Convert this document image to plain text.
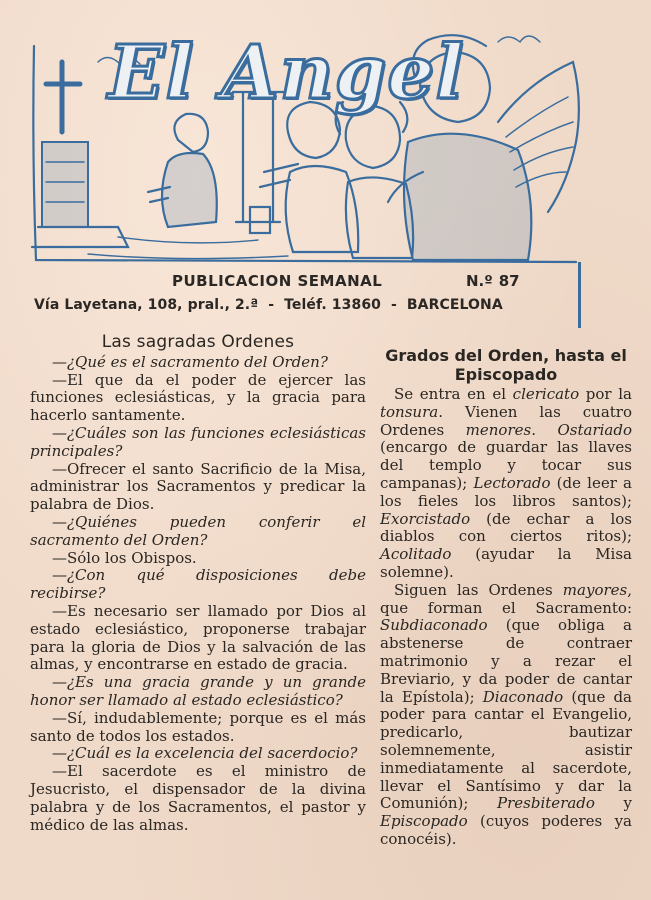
El Angel
PUBLICACION SEMANAL	N.º 87
Vía Layetana, 108, pral., 2.ª - Teléf. 13860 - BARCELONA
Las sagradas Ordenes

—¿Qué es el sacramento del Orden?

—El que da el poder de ejercer las funciones eclesiásticas, y la gracia para hacerlo santamente.

—¿Cuáles son las funciones eclesiásticas principales?

—Ofrecer el santo Sacrificio de la Misa, administrar los Sacramentos y predicar la palabra de Dios.

—¿Quiénes pueden conferir el sacramento del Orden?

—Sólo los Obispos.

—¿Con qué disposiciones debe recibirse?

—Es necesario ser llamado por Dios al estado eclesiástico, proponerse trabajar para la gloria de Dios y la salvación de las almas, y encontrarse en estado de gracia.

—¿Es una gracia grande y un grande honor ser llamado al estado eclesiástico?

—Sí, indudablemente; porque es el más santo de todos los estados.

—¿Cuál es la excelencia del sacerdocio?

—El sacerdote es el ministro de Jesucristo, el dispensador de la divina palabra y de los Sacramentos, el pastor y médico de las almas.

Grados del Orden, hasta el Episcopado

Se entra en el clericato por la tonsura. Vienen las cuatro Ordenes menores. Ostariado (encargo de guardar las llaves del templo y tocar sus campanas); Lectorado (de leer a los fieles los libros santos); Exorcistado (de echar a los diablos con ciertos ritos); Acolitado (ayudar la Misa solemne).

Siguen las Ordenes mayores, que forman el Sacramento: Subdiaconado (que obliga a abstenerse de contraer matrimonio y a rezar el Breviario, y da poder de cantar la Epístola); Diaconado (que da poder para cantar el Evangelio, predicarlo, bautizar solemnemente, asistir inmediatamente al sacerdote, llevar el Santísimo y dar la Comunión); Presbiterado y Episcopado (cuyos poderes ya conocéis).
